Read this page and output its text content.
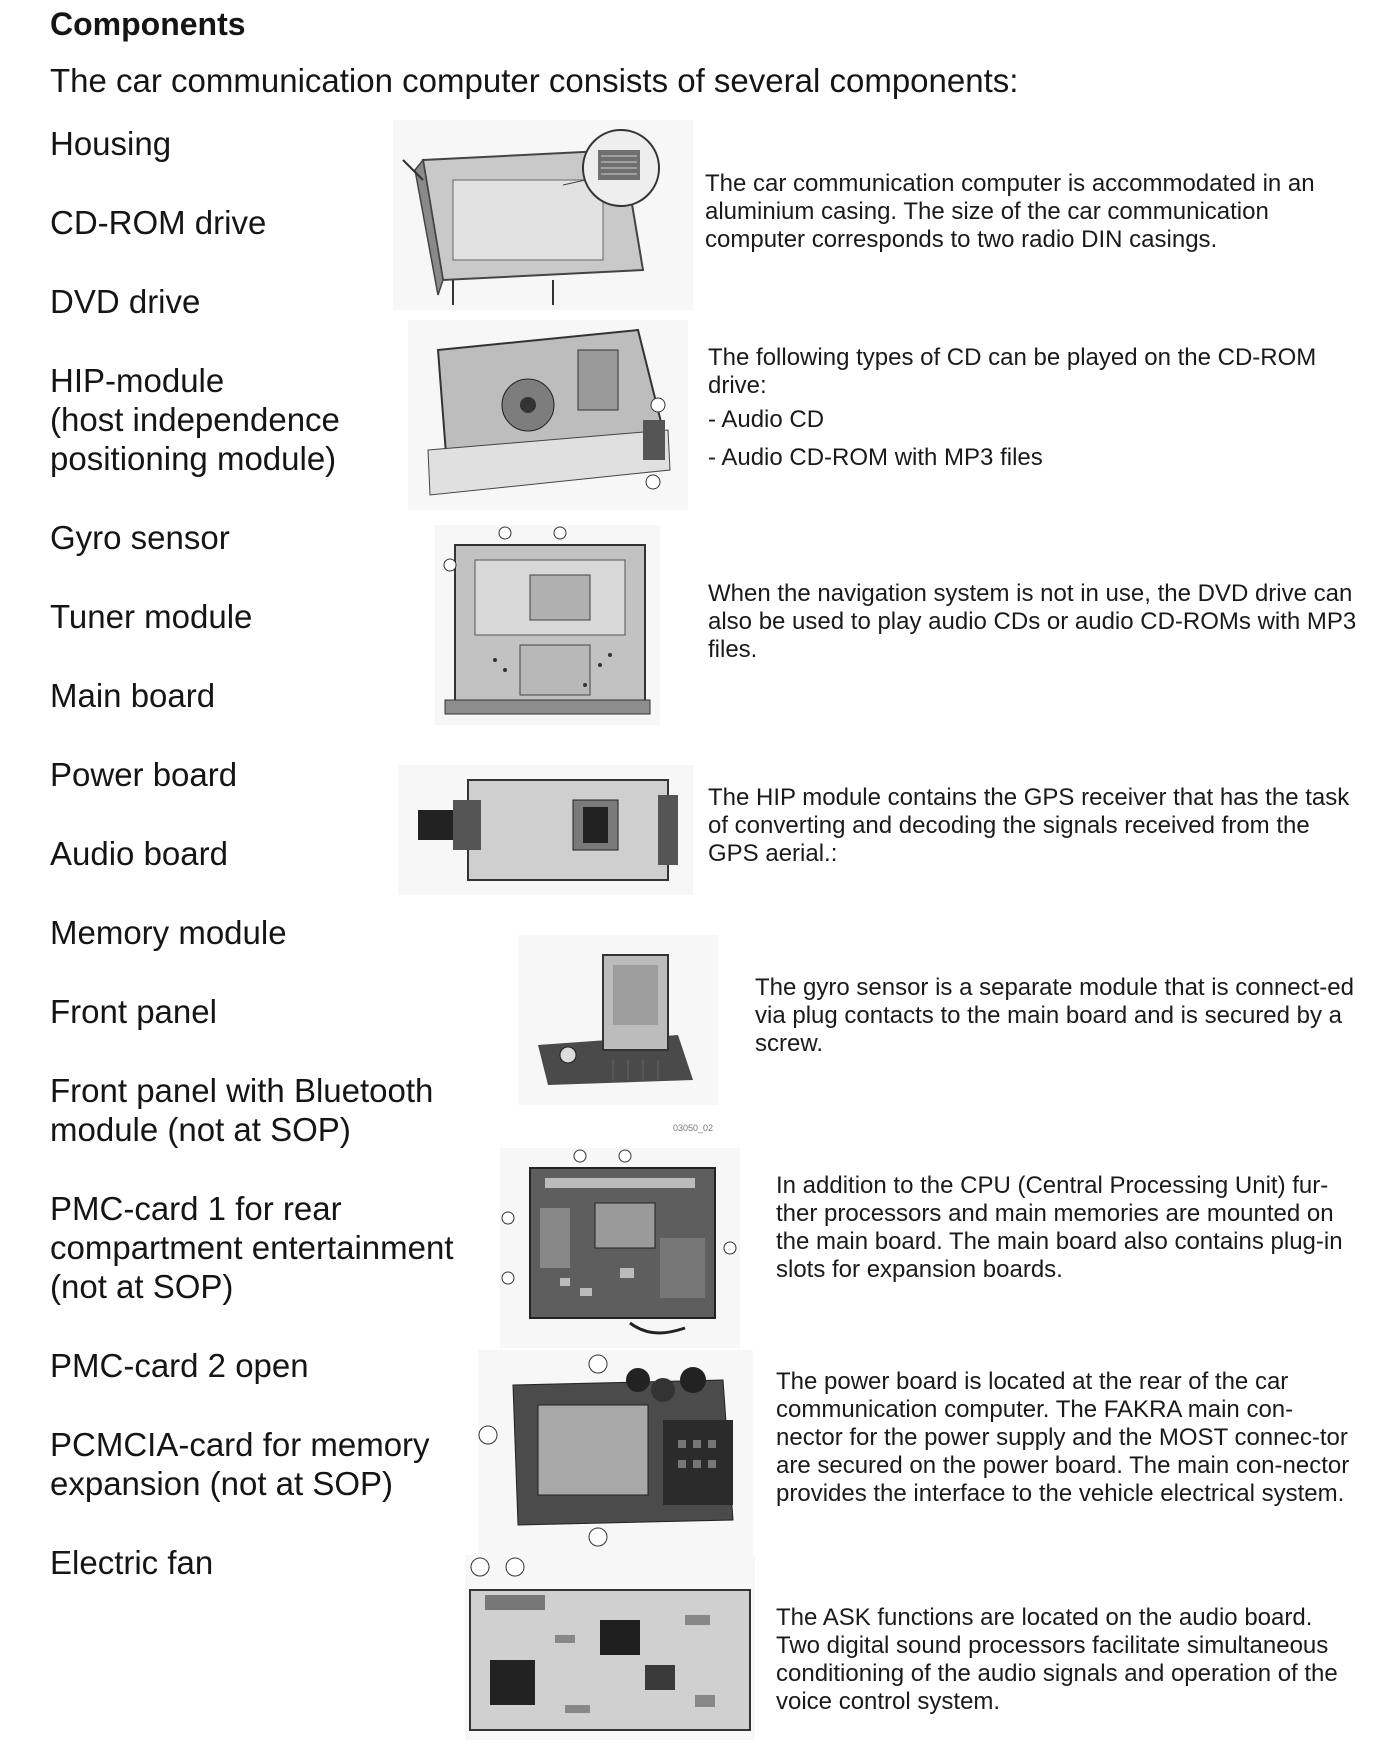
Components

The car communication computer consists of several components:

Housing

CD-ROM drive

DVD drive

HIP-module
(host independence
positioning module)

Gyro sensor

Tuner module

Main board

Power board

Audio board

Memory module

Front panel

Front panel with Bluetooth
module (not at SOP)

PMC-card 1 for rear
compartment entertainment
(not at SOP)

PMC-card 2 open

PCMCIA-card for memory
expansion (not at SOP)

Electric fan

The car communication computer is accommodated in an aluminium casing. The size of the car communication computer corresponds to two radio DIN casings.

The following types of CD can be played on the CD-ROM drive:

- Audio CD

- Audio CD-ROM with MP3 files

When the navigation system is not in use, the DVD drive can also be used to play audio CDs or audio CD-ROMs with MP3 files.
The HIP module contains the GPS receiver that has the task of converting and decoding the signals received from the GPS aerial.:
03050_02
The gyro sensor is a separate module that is connect-ed via plug contacts to the main board and is secured by a screw.
In addition to the CPU (Central Processing Unit) fur-ther processors and main memories are mounted on the main board. The main board also contains plug-in slots for expansion boards.
The power board is located at the rear of the car communication computer. The FAKRA main con-nector for the power supply and the MOST connec-tor are secured on the power board. The main con-nector provides the interface to the vehicle electrical system.
The ASK functions are located on the audio board. Two digital sound processors facilitate simultaneous conditioning of the audio signals and operation of the voice control system.
